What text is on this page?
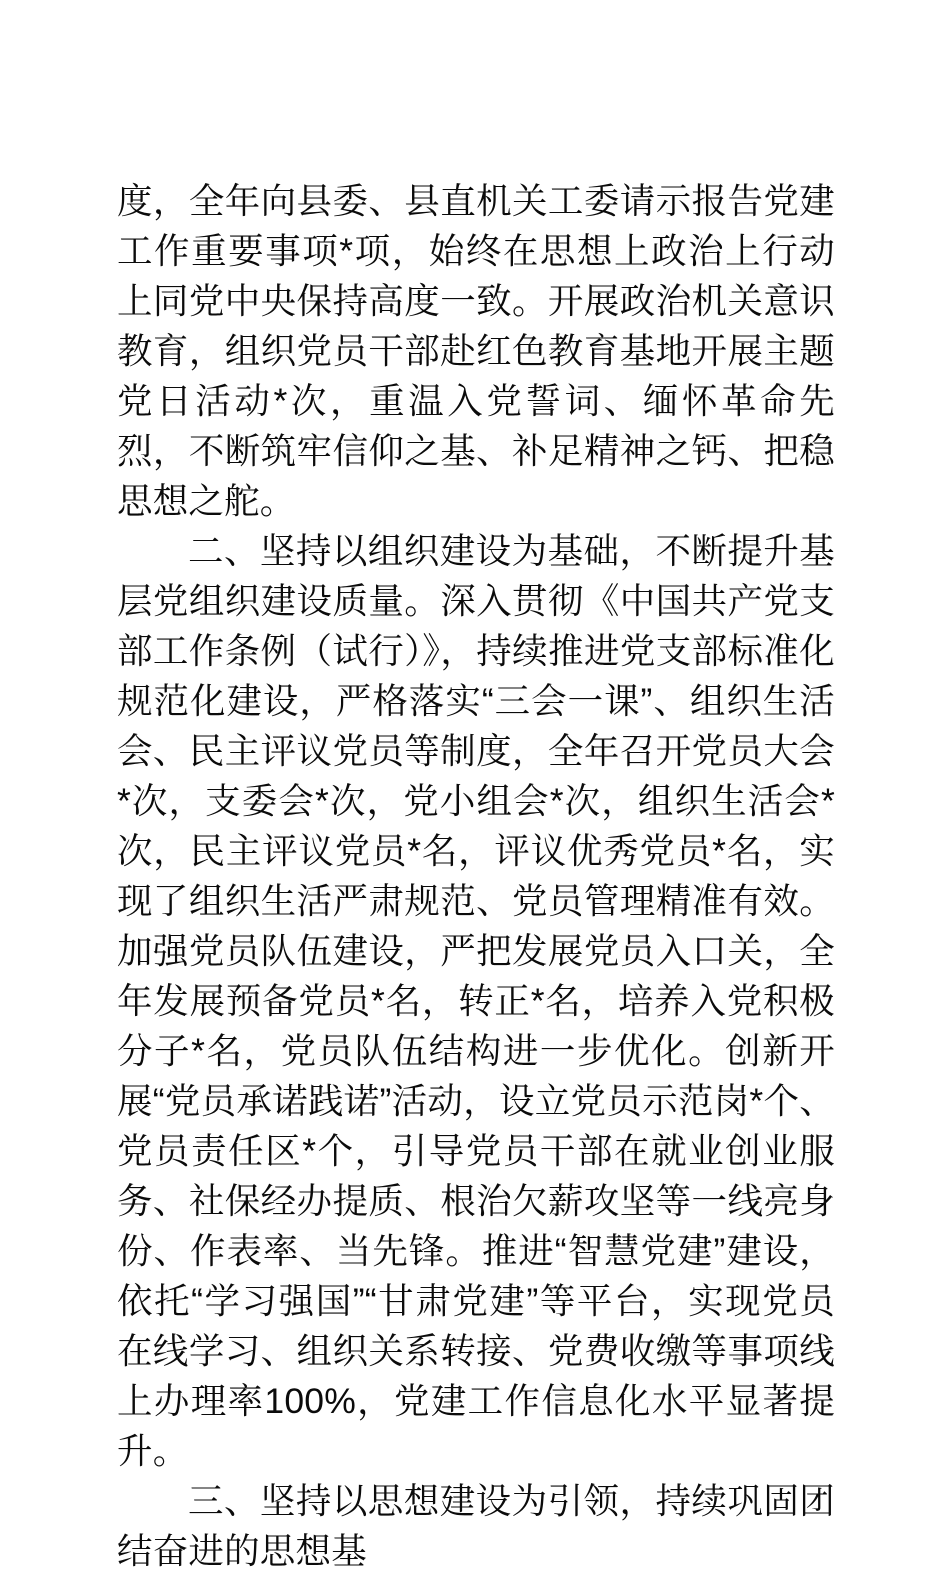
度，全年向县委、县直机关工委请示报告党建工作重要事项*项，始终在思想上政治上行动上同党中央保持高度一致。开展政治机关意识教育，组织党员干部赴红色教育基地开展主题党日活动*次，重温入党誓词、缅怀革命先烈，不断筑牢信仰之基、补足精神之钙、把稳思想之舵。

二、坚持以组织建设为基础，不断提升基层党组织建设质量。深入贯彻《中国共产党支部工作条例（试行）》，持续推进党支部标准化规范化建设，严格落实“三会一课”、组织生活会、民主评议党员等制度，全年召开党员大会*次，支委会*次，党小组会*次，组织生活会*次，民主评议党员*名，评议优秀党员*名，实现了组织生活严肃规范、党员管理精准有效。加强党员队伍建设，严把发展党员入口关，全年发展预备党员*名，转正*名，培养入党积极分子*名，党员队伍结构进一步优化。创新开展“党员承诺践诺”活动，设立党员示范岗*个、党员责任区*个，引导党员干部在就业创业服务、社保经办提质、根治欠薪攻坚等一线亮身份、作表率、当先锋。推进“智慧党建”建设，依托“学习强国”“甘肃党建”等平台，实现党员在线学习、组织关系转接、党费收缴等事项线上办理率100%，党建工作信息化水平显著提升。

三、坚持以思想建设为引领，持续巩固团结奋进的思想基
